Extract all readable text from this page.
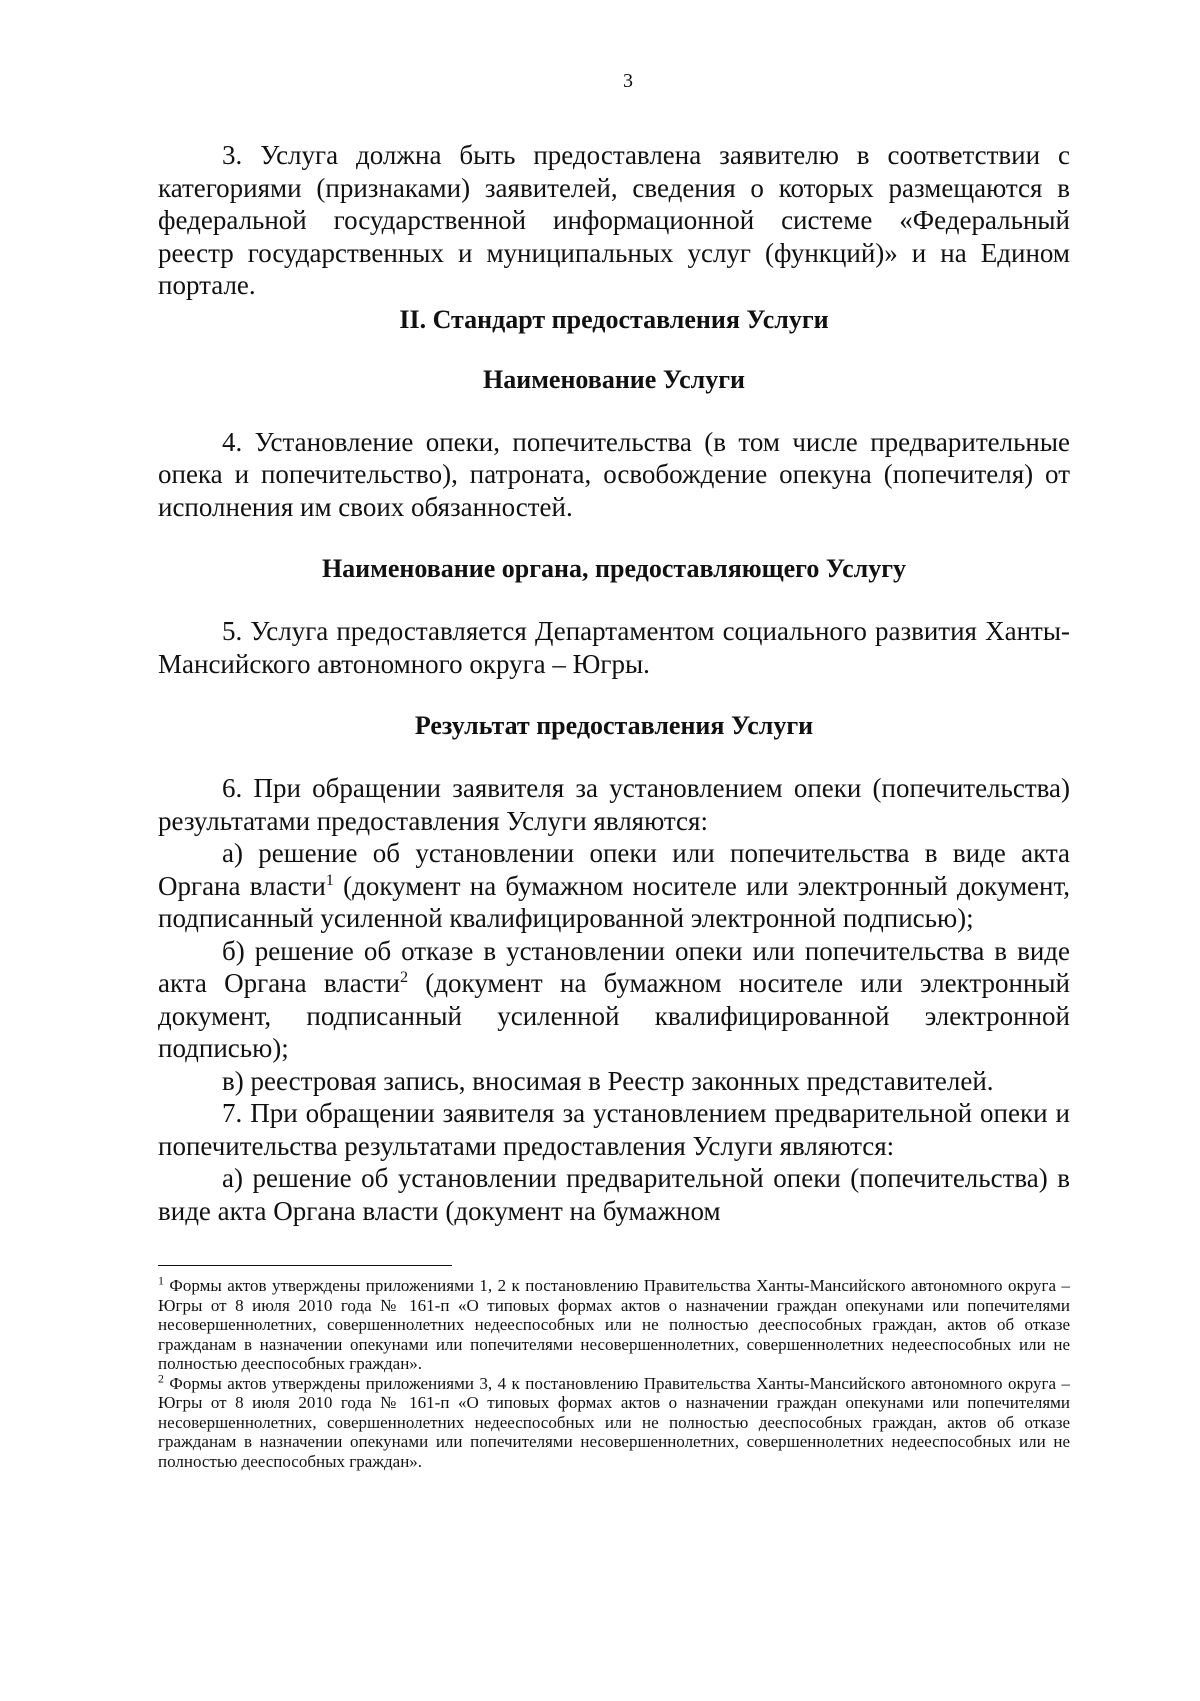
3

3. Услуга должна быть предоставлена заявителю в соответствии с категориями (признаками) заявителей, сведения о которых размещаются в федеральной государственной информационной системе «Федеральный реестр государственных и муниципальных услуг (функций)» и на Едином портале.

II. Стандарт предоставления Услуги
Наименование Услуги

4. Установление опеки, попечительства (в том числе предварительные опека и попечительство), патроната, освобождение опекуна (попечителя) от исполнения им своих обязанностей.

Наименование органа, предоставляющего Услугу

5. Услуга предоставляется Департаментом социального развития Ханты-Мансийского автономного округа – Югры.

Результат предоставления Услуги

6. При обращении заявителя за установлением опеки (попечительства) результатами предоставления Услуги являются:

а) решение об установлении опеки или попечительства в виде акта Органа власти$^1$ (документ на бумажном носителе или электронный документ, подписанный усиленной квалифицированной электронной подписью);

б) решение об отказе в установлении опеки или попечительства в виде акта Органа власти$^2$ (документ на бумажном носителе или электронный документ, подписанный усиленной квалифицированной электронной подписью);

в) реестровая запись, вносимая в Реестр законных представителей.

7. При обращении заявителя за установлением предварительной опеки и попечительства результатами предоставления Услуги являются:

а) решение об установлении предварительной опеки (попечительства) в виде акта Органа власти (документ на бумажном

$^1$ Формы актов утверждены приложениями 1, 2 к постановлению Правительства Ханты-Мансийского автономного округа – Югры от 8 июля 2010 года № 161-п «О типовых формах актов о назначении граждан опекунами или попечителями несовершеннолетних, совершеннолетних недееспособных или не полностью дееспособных граждан, актов об отказе гражданам в назначении опекунами или попечителями несовершеннолетних, совершеннолетних недееспособных или не полностью дееспособных граждан».

$^2$ Формы актов утверждены приложениями 3, 4 к постановлению Правительства Ханты-Мансийского автономного округа – Югры от 8 июля 2010 года № 161-п «О типовых формах актов о назначении граждан опекунами или попечителями несовершеннолетних, совершеннолетних недееспособных или не полностью дееспособных граждан, актов об отказе гражданам в назначении опекунами или попечителями несовершеннолетних, совершеннолетних недееспособных или не полностью дееспособных граждан».
